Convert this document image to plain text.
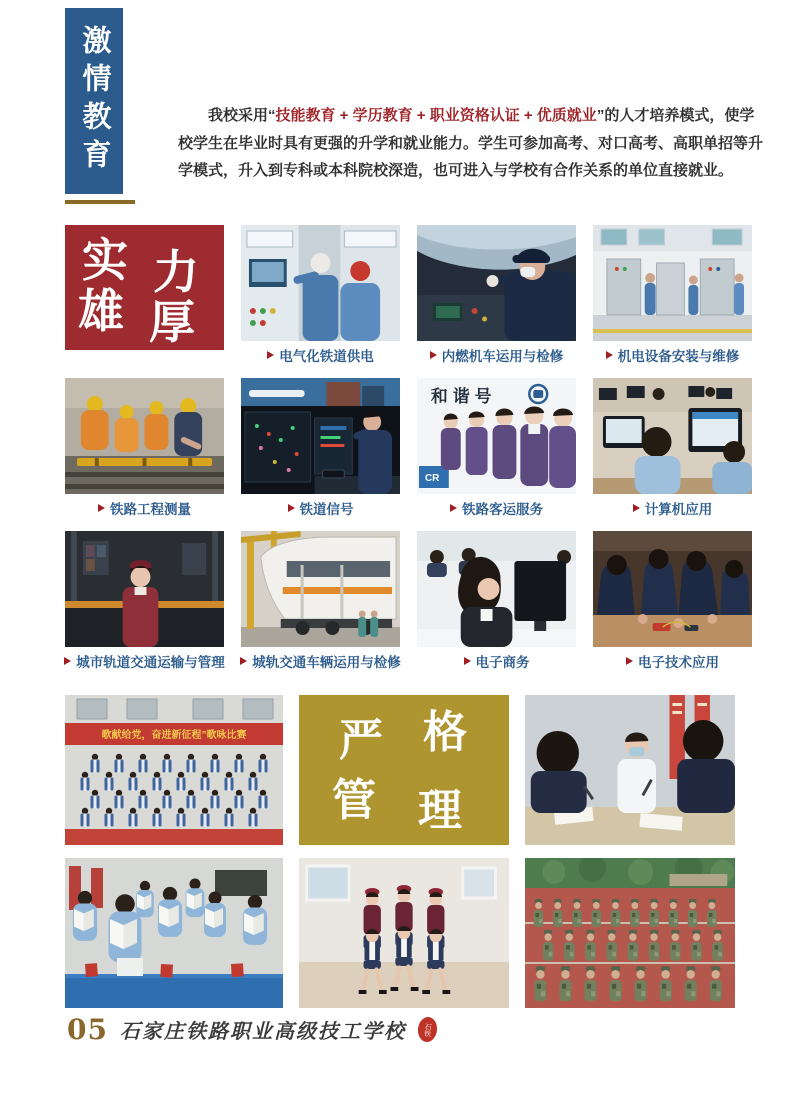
激情教育	我校采用“技能教育 + 学历教育 + 职业资格认证 + 优质就业”的人才培养模式，使学校学生在毕业时具有更强的升学和就业能力。学生可参加高考、对口高考、高职单招等升学模式，升入到专科或本科院校深造，也可进入与学校有合作关系的单位直接就业。

实 力
雄 厚
电气化铁道供电	内燃机车运用与检修	机电设备安装与维修
铁路工程测量	铁道信号
和谐号
CR
铁路客运服务	计算机应用
城市轨道交通运输与管理 城轨交通车辆运用与检修	电子商务	电子技术应用
歌献给党，奋进新征程”歌咏比赛 严 格
管 理
05 石家庄铁路职业高级技工学校 石铁
